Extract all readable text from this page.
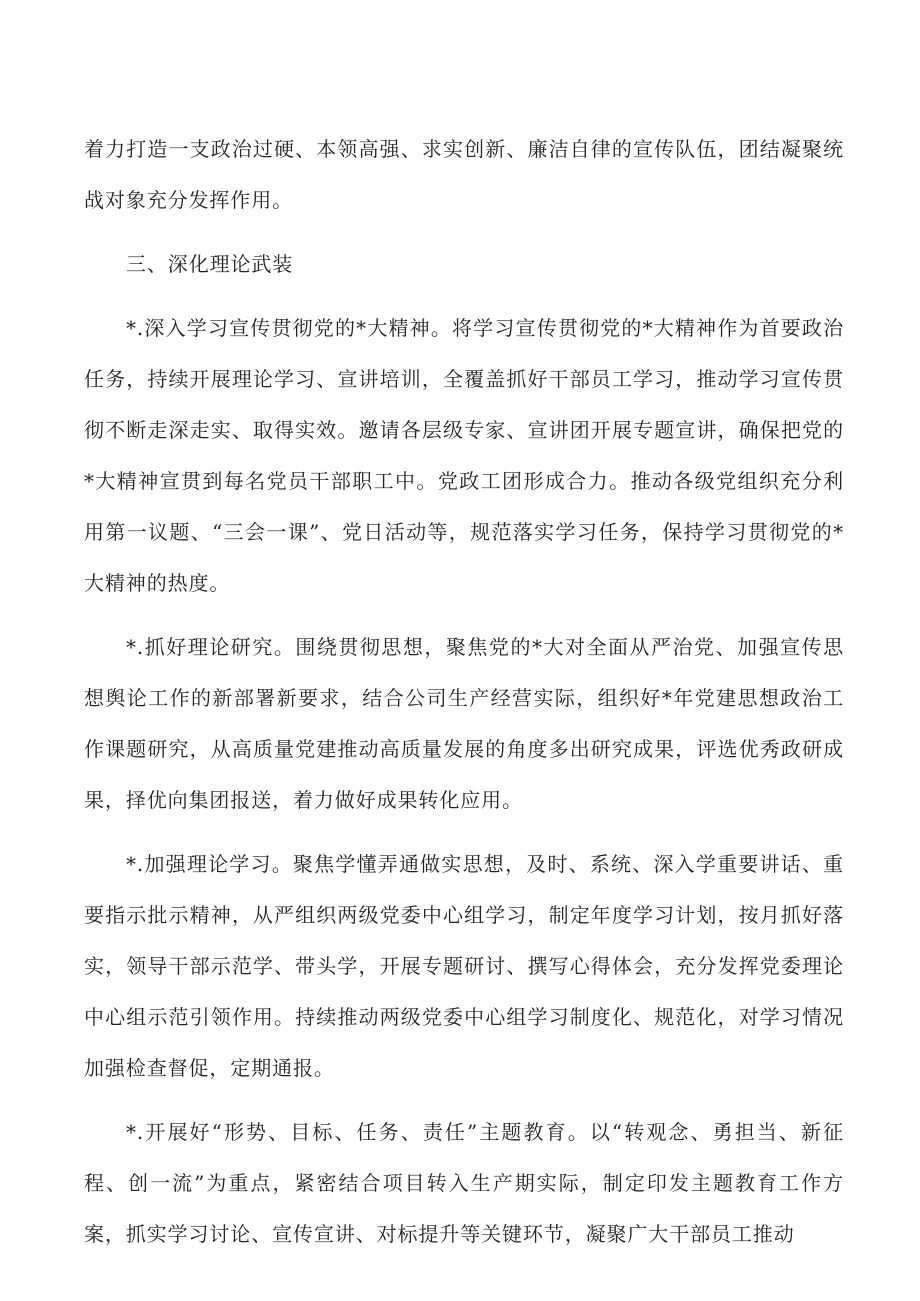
着力打造一支政治过硬、本领高强、求实创新、廉洁自律的宣传队伍，团结凝聚统战对象充分发挥作用。

三、深化理论武装

*.深入学习宣传贯彻党的*大精神。将学习宣传贯彻党的*大精神作为首要政治任务，持续开展理论学习、宣讲培训，全覆盖抓好干部员工学习，推动学习宣传贯彻不断走深走实、取得实效。邀请各层级专家、宣讲团开展专题宣讲，确保把党的*大精神宣贯到每名党员干部职工中。党政工团形成合力。推动各级党组织充分利用第一议题、“三会一课”、党日活动等，规范落实学习任务，保持学习贯彻党的*大精神的热度。

*.抓好理论研究。围绕贯彻思想，聚焦党的*大对全面从严治党、加强宣传思想舆论工作的新部署新要求，结合公司生产经营实际，组织好*年党建思想政治工作课题研究，从高质量党建推动高质量发展的角度多出研究成果，评选优秀政研成果，择优向集团报送，着力做好成果转化应用。

*.加强理论学习。聚焦学懂弄通做实思想，及时、系统、深入学重要讲话、重要指示批示精神，从严组织两级党委中心组学习，制定年度学习计划，按月抓好落实，领导干部示范学、带头学，开展专题研讨、撰写心得体会，充分发挥党委理论中心组示范引领作用。持续推动两级党委中心组学习制度化、规范化，对学习情况加强检查督促，定期通报。

*.开展好“形势、目标、任务、责任”主题教育。以“转观念、勇担当、新征程、创一流”为重点，紧密结合项目转入生产期实际，制定印发主题教育工作方案，抓实学习讨论、宣传宣讲、对标提升等关键环节，凝聚广大干部员工推动
